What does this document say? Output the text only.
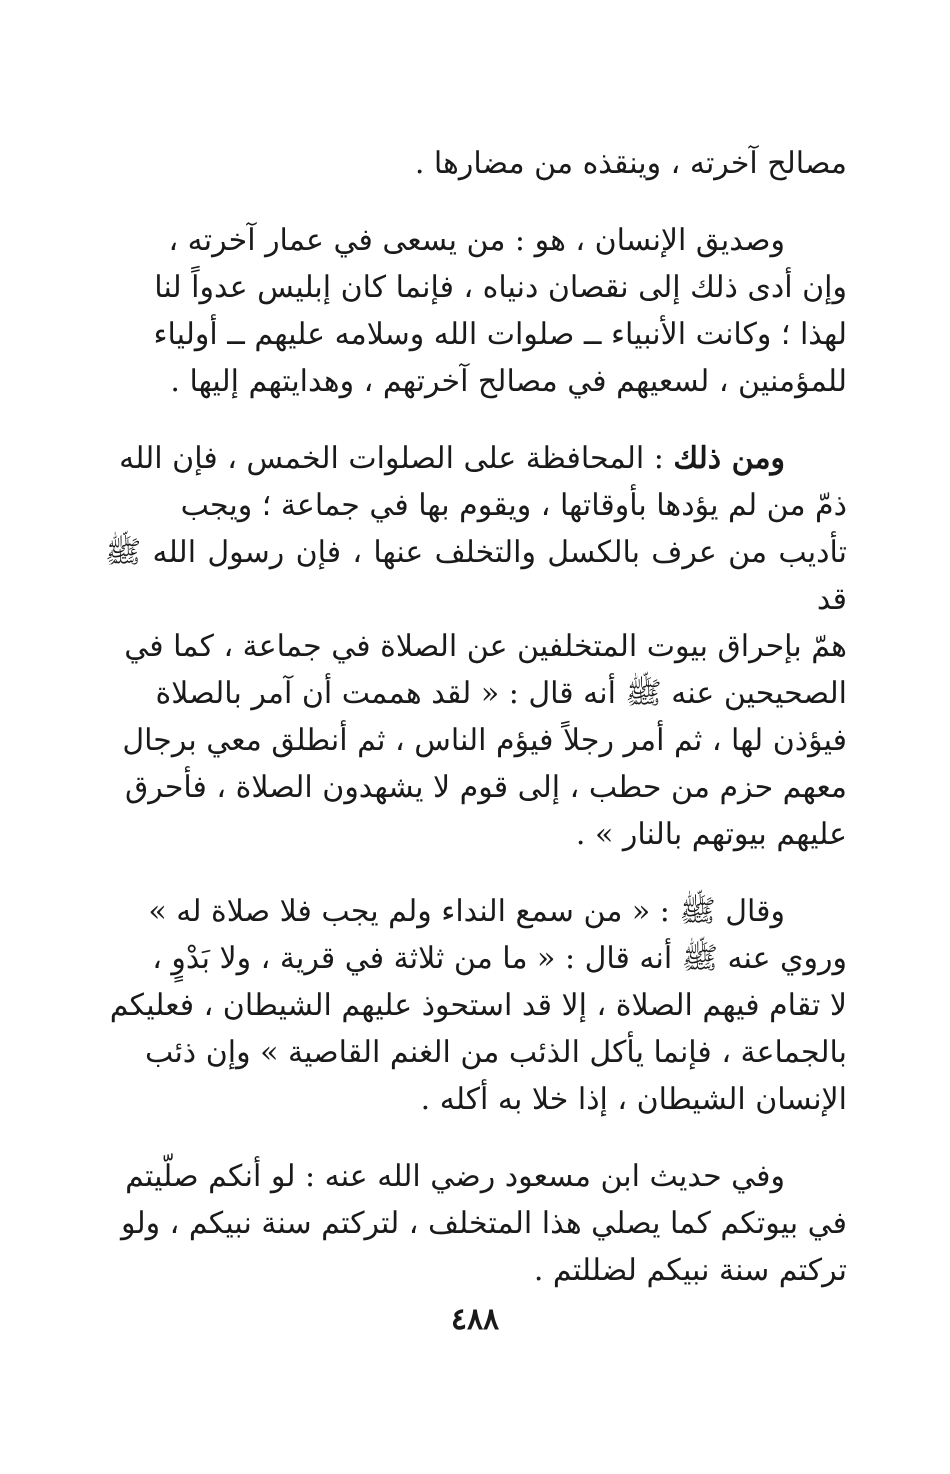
مصالح آخرته ، وينقذه من مضارها .

وصديق الإنسان ، هو : من يسعى في عمار آخرته ،
وإن أدى ذلك إلى نقصان دنياه ، فإنما كان إبليس عدواً لنا
لهذا ؛ وكانت الأنبياء ــ صلوات الله وسلامه عليهم ــ أولياء
للمؤمنين ، لسعيهم في مصالح آخرتهم ، وهدايتهم إليها .

ومن ذلك : المحافظة على الصلوات الخمس ، فإن الله
ذمّ من لم يؤدها بأوقاتها ، ويقوم بها في جماعة ؛ ويجب
تأديب من عرف بالكسل والتخلف عنها ، فإن رسول الله ﷺ قد
همّ بإحراق بيوت المتخلفين عن الصلاة في جماعة ، كما في
الصحيحين عنه ﷺ أنه قال : « لقد هممت أن آمر بالصلاة
فيؤذن لها ، ثم أمر رجلاً فيؤم الناس ، ثم أنطلق معي برجال
معهم حزم من حطب ، إلى قوم لا يشهدون الصلاة ، فأحرق
عليهم بيوتهم بالنار » .

وقال ﷺ : « من سمع النداء ولم يجب فلا صلاة له »
وروي عنه ﷺ أنه قال : « ما من ثلاثة في قرية ، ولا بَدْوٍ ،
لا تقام فيهم الصلاة ، إلا قد استحوذ عليهم الشيطان ، فعليكم
بالجماعة ، فإنما يأكل الذئب من الغنم القاصية » وإن ذئب
الإنسان الشيطان ، إذا خلا به أكله .

وفي حديث ابن مسعود رضي الله عنه : لو أنكم صلّيتم
في بيوتكم كما يصلي هذا المتخلف ، لتركتم سنة نبيكم ، ولو
تركتم سنة نبيكم لضللتم .

٤٨٨
